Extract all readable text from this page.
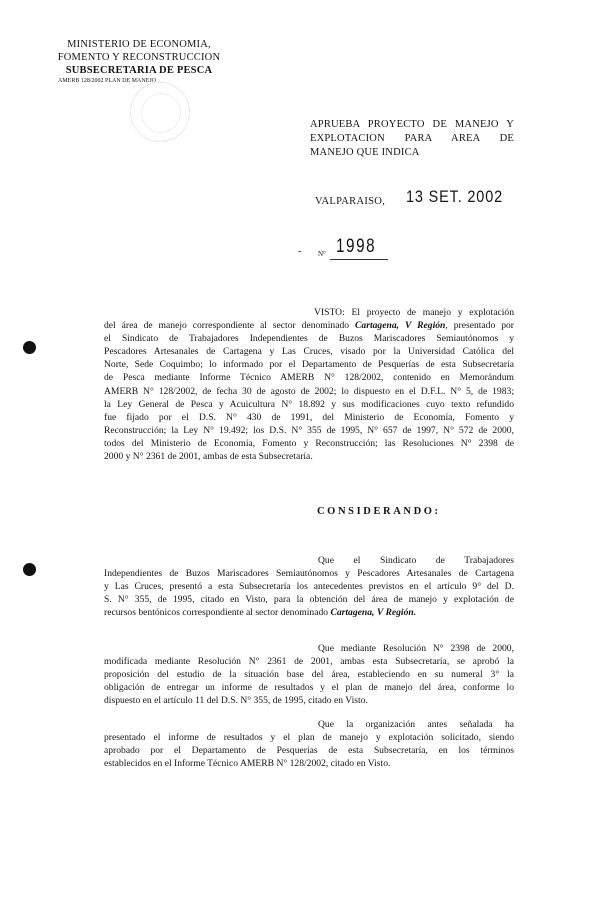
MINISTERIO DE ECONOMIA,
FOMENTO Y RECONSTRUCCION
SUBSECRETARIA DE PESCA
AMERB 128/2002 PLAN DE MANEJO
APRUEBA PROYECTO DE MANEJO Y
EXPLOTACION PARA AREA DE
MANEJO QUE INDICA
VALPARAISO, 13 SET. 2002
- N° 1998
VISTO: El proyecto de manejo y explotación
del área de manejo correspondiente al sector denominado Cartagena, V Región, presentado por
el Sindicato de Trabajadores Independientes de Buzos Mariscadores Semiautónomos y
Pescadores Artesanales de Cartagena y Las Cruces, visado por la Universidad Católica del
Norte, Sede Coquimbo; lo informado por el Departamento de Pesquerías de esta Subsecretaría
de Pesca mediante Informe Técnico AMERB N° 128/2002, contenido en Memorándum
AMERB N° 128/2002, de fecha 30 de agosto de 2002; lo dispuesto en el D.F.L. N° 5, de 1983;
la Ley General de Pesca y Acuicultura N° 18.892 y sus modificaciones cuyo texto refundido
fue fijado por el D.S. N° 430 de 1991, del Ministerio de Economía, Fomento y
Reconstrucción; la Ley N° 19.492; los D.S. N° 355 de 1995, N° 657 de 1997, N° 572 de 2000,
todos del Ministerio de Economía, Fomento y Reconstrucción; las Resoluciones N° 2398 de
2000 y N° 2361 de 2001, ambas de esta Subsecretaría.
CONSIDERANDO:
Que el Sindicato de Trabajadores
Independientes de Buzos Mariscadores Semiautónomos y Pescadores Artesanales de Cartagena
y Las Cruces, presentó a esta Subsecretaría los antecedentes previstos en el artículo 9° del D.
S. N° 355, de 1995, citado en Visto, para la obtención del área de manejo y explotación de
recursos bentónicos correspondiente al sector denominado Cartagena, V Región.
Que mediante Resolución N° 2398 de 2000,
modificada mediante Resolución N° 2361 de 2001, ambas esta Subsecretaría, se aprobó la
proposición del estudio de la situación base del área, estableciendo en su numeral 3° la
obligación de entregar un informe de resultados y el plan de manejo del área, conforme lo
dispuesto en el artículo 11 del D.S. N° 355, de 1995, citado en Visto.
Que la organización antes señalada ha
presentado el informe de resultados y el plan de manejo y explotación solicitado, siendo
aprobado por el Departamento de Pesquerías de esta Subsecretaría, en los términos
establecidos en el Informe Técnico AMERB N° 128/2002, citado en Visto.
